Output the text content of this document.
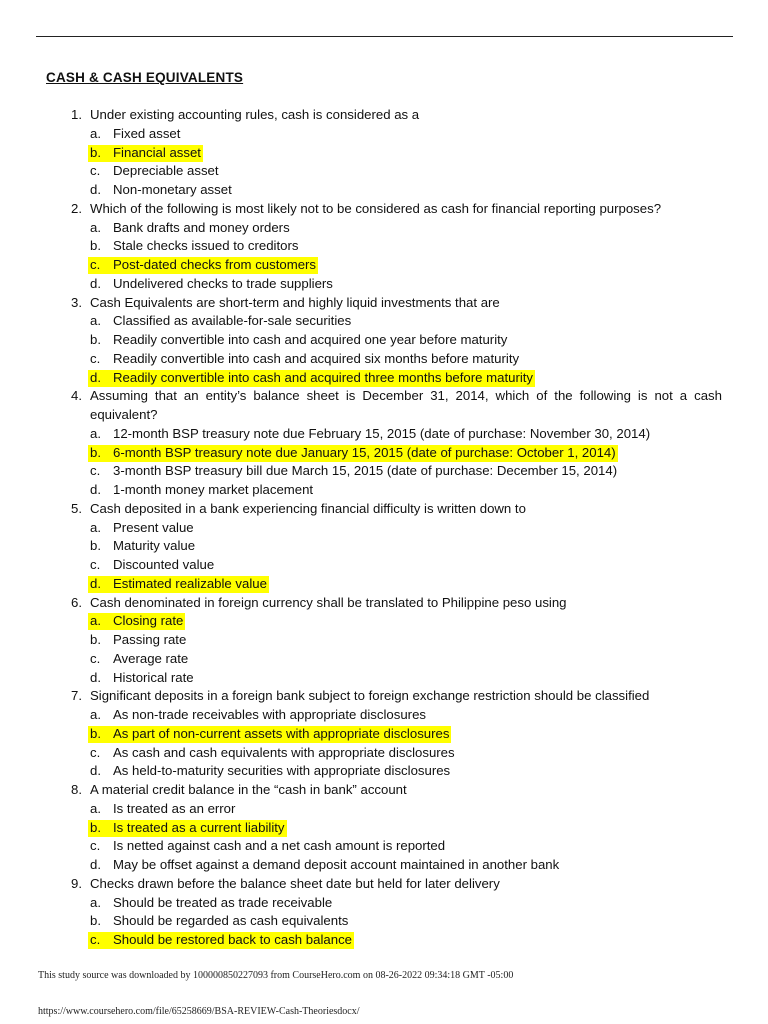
CASH & CASH EQUIVALENTS
1. Under existing accounting rules, cash is considered as a
a. Fixed asset
b. Financial asset
c. Depreciable asset
d. Non-monetary asset
2. Which of the following is most likely not to be considered as cash for financial reporting purposes?
a. Bank drafts and money orders
b. Stale checks issued to creditors
c. Post-dated checks from customers
d. Undelivered checks to trade suppliers
3. Cash Equivalents are short-term and highly liquid investments that are
a. Classified as available-for-sale securities
b. Readily convertible into cash and acquired one year before maturity
c. Readily convertible into cash and acquired six months before maturity
d. Readily convertible into cash and acquired three months before maturity
4. Assuming that an entity’s balance sheet is December 31, 2014, which of the following is not a cash equivalent?
a. 12-month BSP treasury note due February 15, 2015 (date of purchase: November 30, 2014)
b. 6-month BSP treasury note due January 15, 2015 (date of purchase: October 1, 2014)
c. 3-month BSP treasury bill due March 15, 2015 (date of purchase: December 15, 2014)
d. 1-month money market placement
5. Cash deposited in a bank experiencing financial difficulty is written down to
a. Present value
b. Maturity value
c. Discounted value
d. Estimated realizable value
6. Cash denominated in foreign currency shall be translated to Philippine peso using
a. Closing rate
b. Passing rate
c. Average rate
d. Historical rate
7. Significant deposits in a foreign bank subject to foreign exchange restriction should be classified
a. As non-trade receivables with appropriate disclosures
b. As part of non-current assets with appropriate disclosures
c. As cash and cash equivalents with appropriate disclosures
d. As held-to-maturity securities with appropriate disclosures
8. A material credit balance in the “cash in bank” account
a. Is treated as an error
b. Is treated as a current liability
c. Is netted against cash and a net cash amount is reported
d. May be offset against a demand deposit account maintained in another bank
9. Checks drawn before the balance sheet date but held for later delivery
a. Should be treated as trade receivable
b. Should be regarded as cash equivalents
c. Should be restored back to cash balance
This study source was downloaded by 100000850227093 from CourseHero.com on 08-26-2022 09:34:18 GMT -05:00
https://www.coursehero.com/file/65258669/BSA-REVIEW-Cash-Theoriesdocx/
